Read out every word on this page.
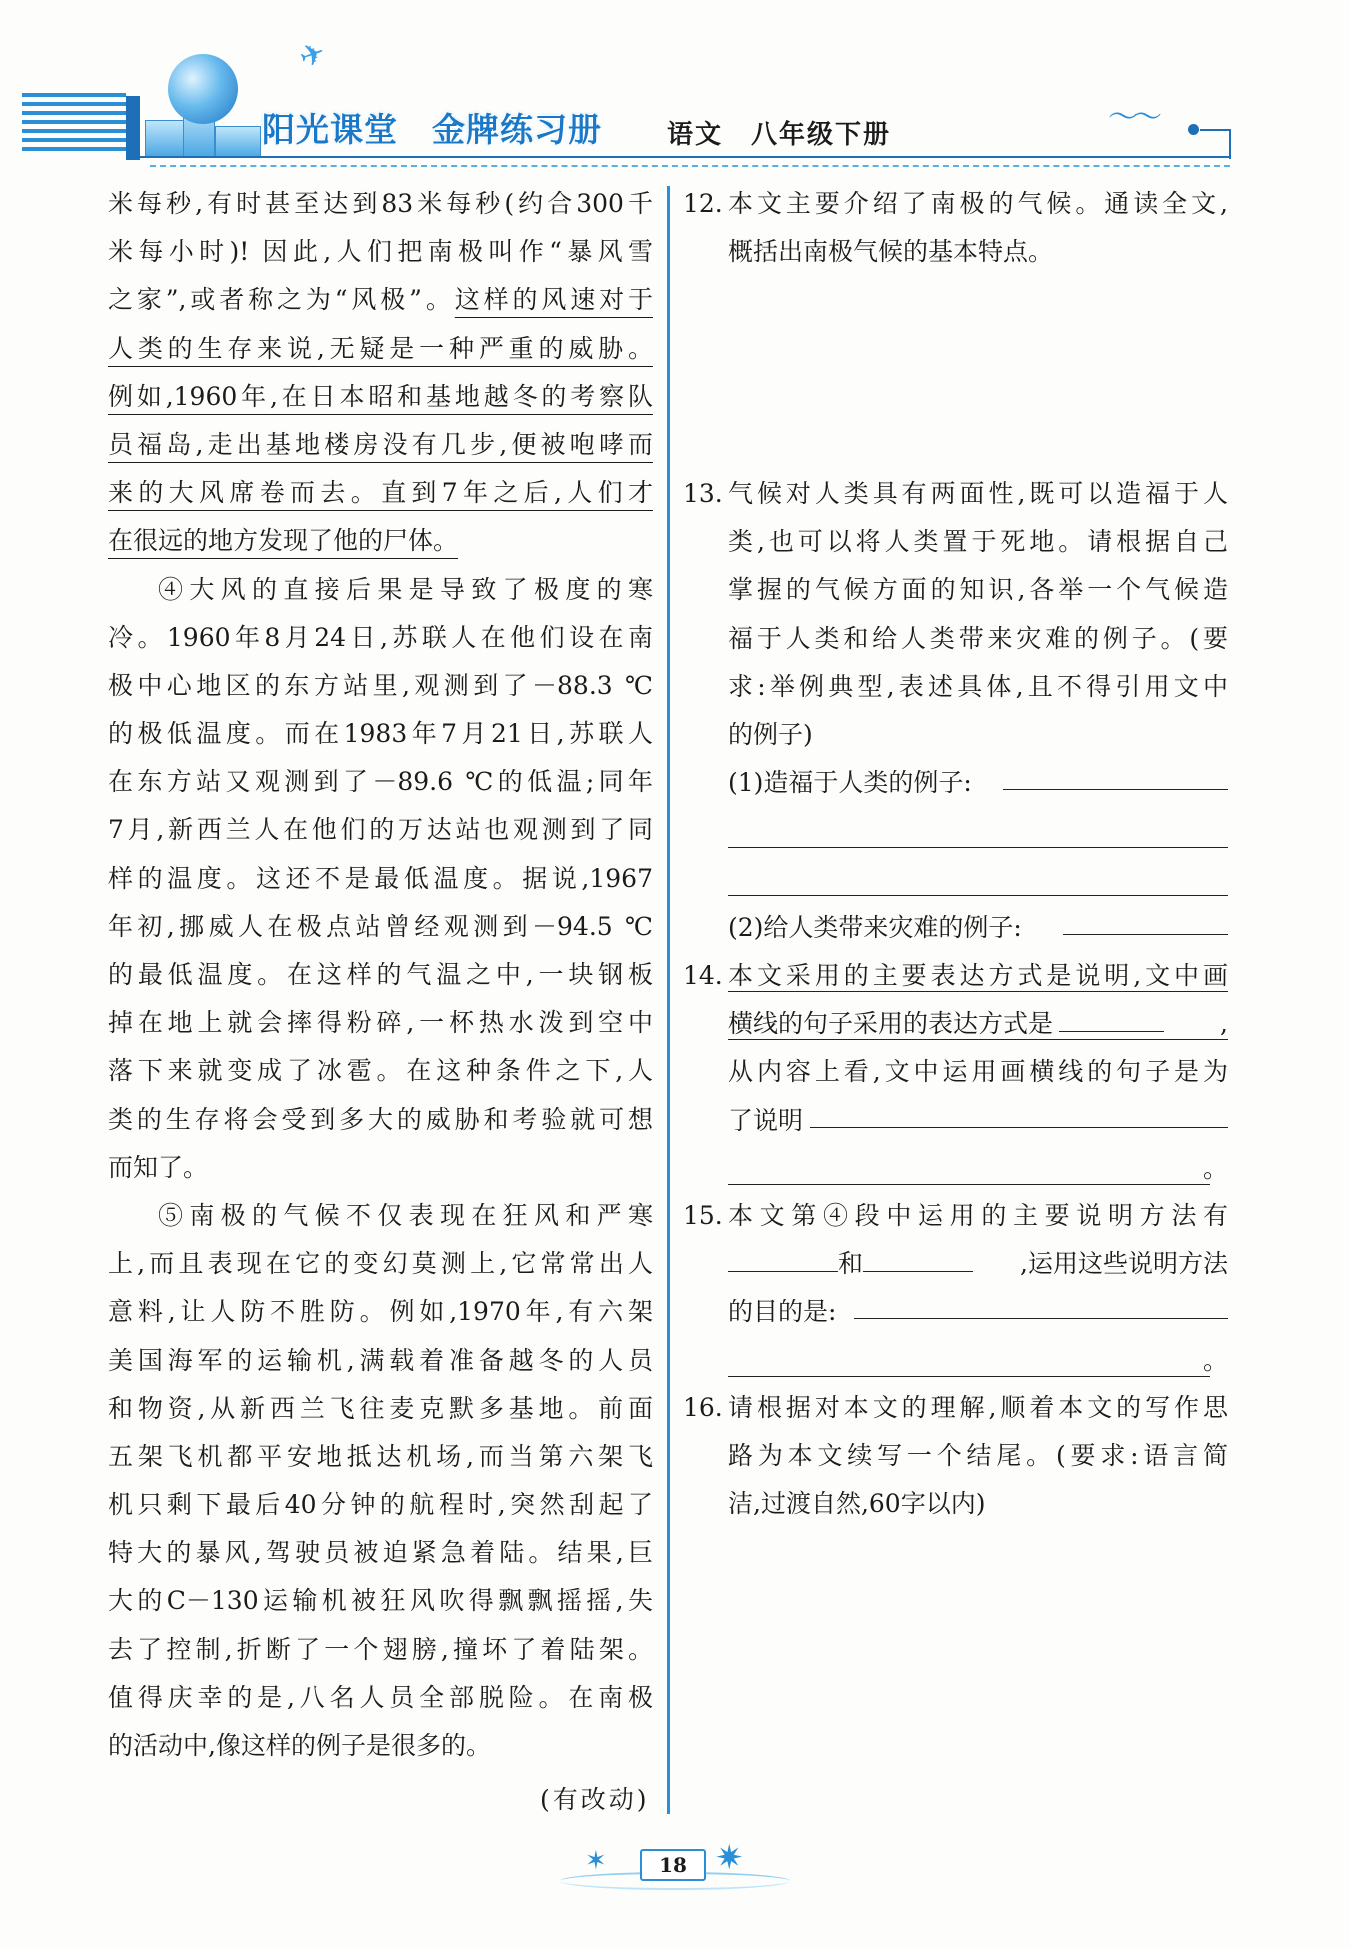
✈
阳光课堂　金牌练习册	语文　八年级下册	〜〜
米每秒,有时甚至达到83米每秒(约合300千
米每小时)! 因此,人们把南极叫作“暴风雪
之家”,或者称之为“风极”。这样的风速对于
人类的生存来说,无疑是一种严重的威胁。
例如,1960年,在日本昭和基地越冬的考察队
员福岛,走出基地楼房没有几步,便被咆哮而
来的大风席卷而去。直到7年之后,人们才
在很远的地方发现了他的尸体。
④大风的直接后果是导致了极度的寒
冷。1960年8月24日,苏联人在他们设在南
极中心地区的东方站里,观测到了－88.3 ℃
的极低温度。而在1983年7月21日,苏联人
在东方站又观测到了－89.6 ℃的低温;同年
7月,新西兰人在他们的万达站也观测到了同
样的温度。这还不是最低温度。据说,1967
年初,挪威人在极点站曾经观测到－94.5 ℃
的最低温度。在这样的气温之中,一块钢板
掉在地上就会摔得粉碎,一杯热水泼到空中
落下来就变成了冰雹。在这种条件之下,人
类的生存将会受到多大的威胁和考验就可想
而知了。
⑤南极的气候不仅表现在狂风和严寒
上,而且表现在它的变幻莫测上,它常常出人
意料,让人防不胜防。例如,1970年,有六架
美国海军的运输机,满载着准备越冬的人员
和物资,从新西兰飞往麦克默多基地。前面
五架飞机都平安地抵达机场,而当第六架飞
机只剩下最后40分钟的航程时,突然刮起了
特大的暴风,驾驶员被迫紧急着陆。结果,巨
大的C－130运输机被狂风吹得飘飘摇摇,失
去了控制,折断了一个翅膀,撞坏了着陆架。
值得庆幸的是,八名人员全部脱险。在南极
的活动中,像这样的例子是很多的。
(有改动)
12. 本文主要介绍了南极的气候。通读全文,
概括出南极气候的基本特点。
13. 气候对人类具有两面性,既可以造福于人
类,也可以将人类置于死地。请根据自己
掌握的气候方面的知识,各举一个气候造
福于人类和给人类带来灾难的例子。(要
求:举例典型,表述具体,且不得引用文中
的例子)
(1)造福于人类的例子:
(2)给人类带来灾难的例子:
14. 本文采用的主要表达方式是说明,文中画
横线的句子采用的表达方式是	,
从内容上看,文中运用画横线的句子是为
了说明
。
15. 本文第④段中运用的主要说明方法有
和	,运用这些说明方法
的目的是:
。
16. 请根据对本文的理解,顺着本文的写作思
路为本文续写一个结尾。(要求:语言简
洁,过渡自然,60字以内)
✶	✷
18
